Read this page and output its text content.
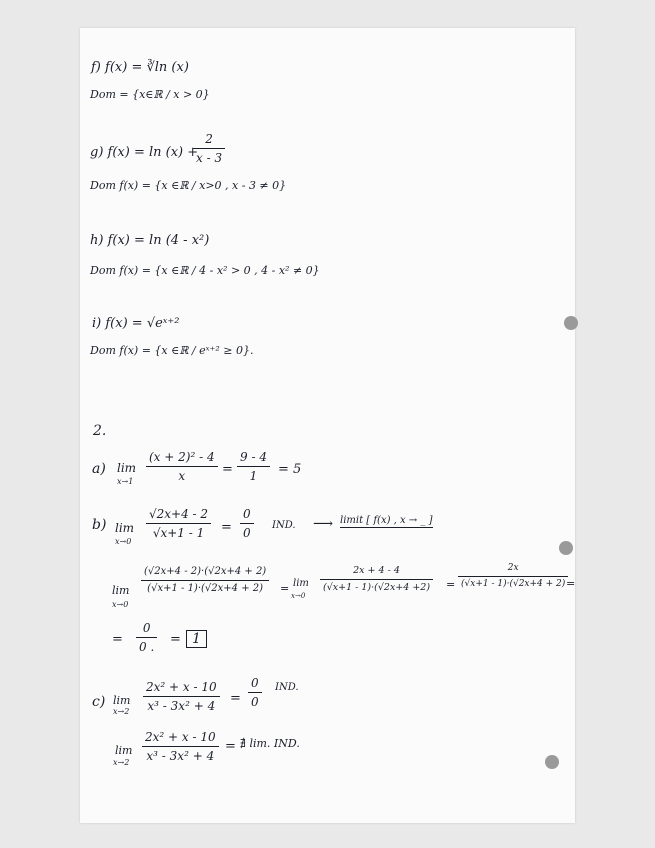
f) f(x) = ∛ln (x)
Dom = {x∈ℝ / x > 0}
g) f(x) = ln (x) +
2
x - 3
Dom f(x) = {x ∈ℝ / x>0 , x - 3 ≠ 0}
h) f(x) = ln (4 - x²)
Dom f(x) = {x ∈ℝ / 4 - x² > 0 , 4 - x² ≠ 0}
i) f(x) = √eˣ⁺²
Dom f(x) = {x ∈ℝ / eˣ⁺² ≥ 0}.
2.
a) lim
x→1
(x + 2)² - 4
x	=
9 - 4
1 = 5
b) lim
x→0
√2x+4 - 2
√x+1 - 1 =
0
0
IND. ⟶ limit [ f(x) , x → _ ]
lim
x→0
(√2x+4 - 2)·(√2x+4 + 2)
(√x+1 - 1)·(√2x+4 + 2) = lim
x→0
2x + 4 - 4
(√x+1 - 1)·(√2x+4 +2) =
2x
(√x+1 - 1)·(√2x+4 + 2) =
=
0
0 . = 1
c) lim
x→2
2x² + x - 10
x³ - 3x² + 4 =
0
0
IND.
lim
x→2
2x² + x - 10
x³ - 3x² + 4
= ∄ lim. IND.
